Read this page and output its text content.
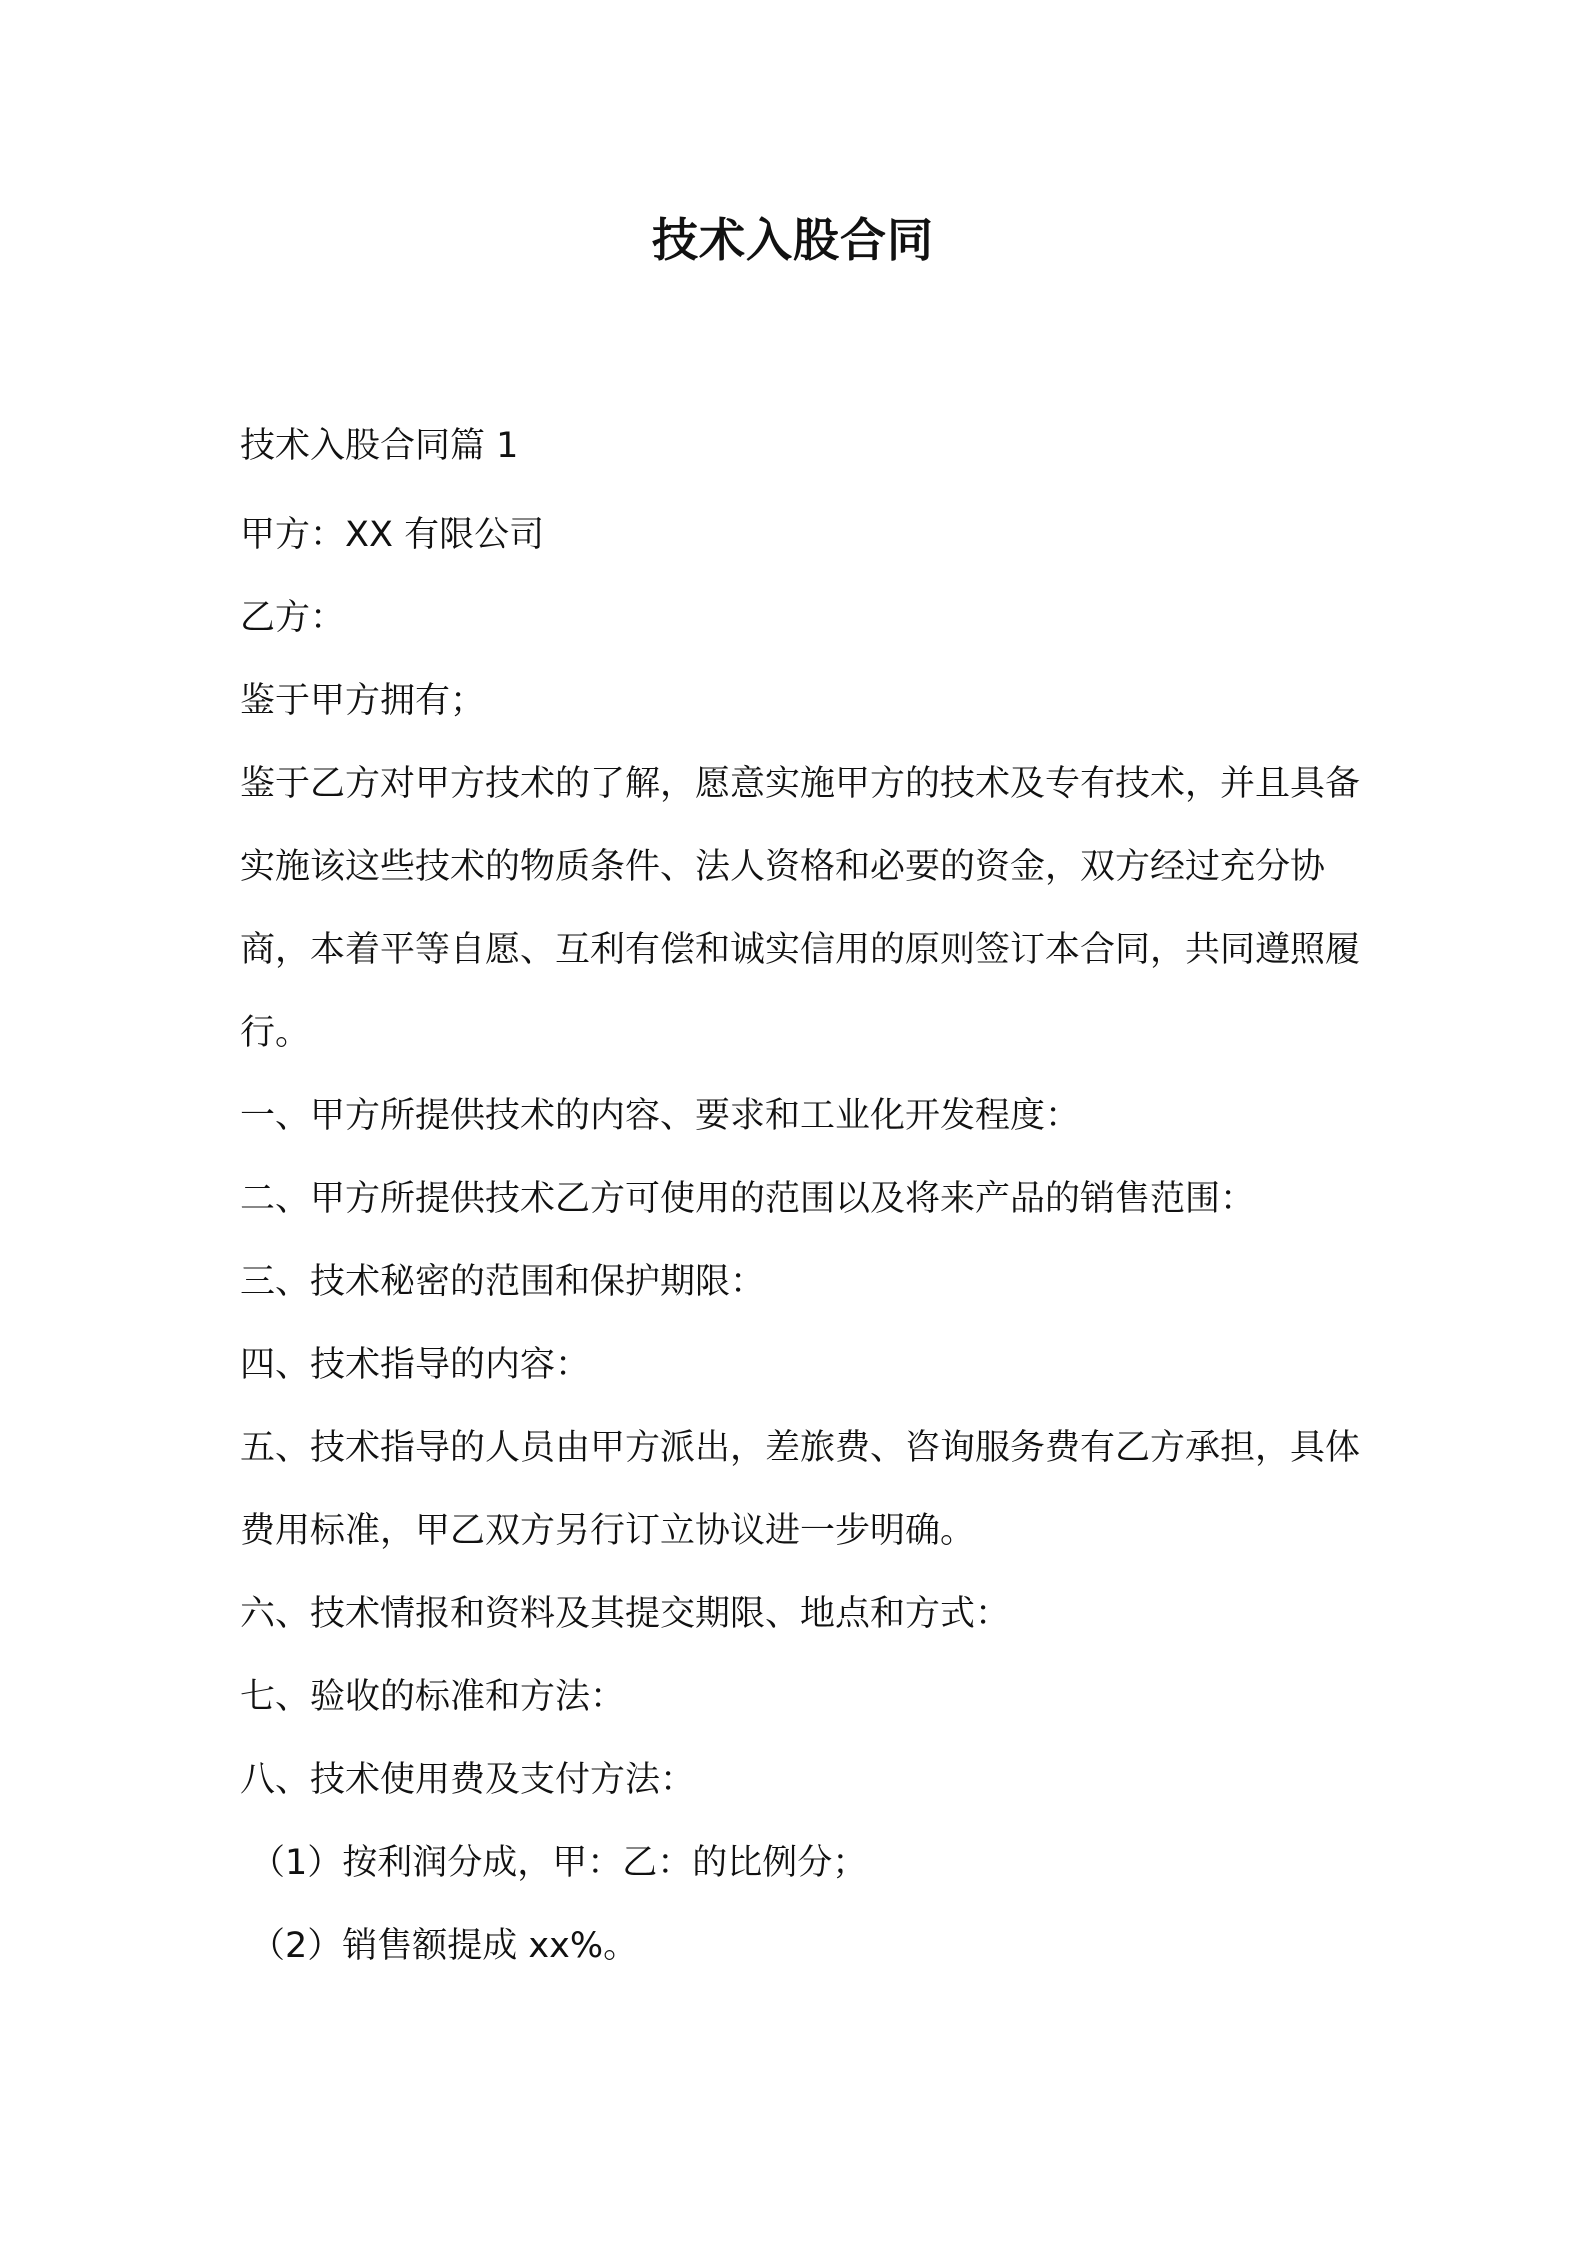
技术入股合同

技术入股合同篇 1

甲方：XX 有限公司

乙方：

鉴于甲方拥有；

鉴于乙方对甲方技术的了解，愿意实施甲方的技术及专有技术，并且具备实施该这些技术的物质条件、法人资格和必要的资金，双方经过充分协商，本着平等自愿、互利有偿和诚实信用的原则签订本合同，共同遵照履行。

一、甲方所提供技术的内容、要求和工业化开发程度：

二、甲方所提供技术乙方可使用的范围以及将来产品的销售范围：

三、技术秘密的范围和保护期限：

四、技术指导的内容：

五、技术指导的人员由甲方派出，差旅费、咨询服务费有乙方承担，具体费用标准，甲乙双方另行订立协议进一步明确。

六、技术情报和资料及其提交期限、地点和方式：

七、验收的标准和方法：

八、技术使用费及支付方法：

（1）按利润分成，甲：乙：的比例分；

（2）销售额提成 xx%。
